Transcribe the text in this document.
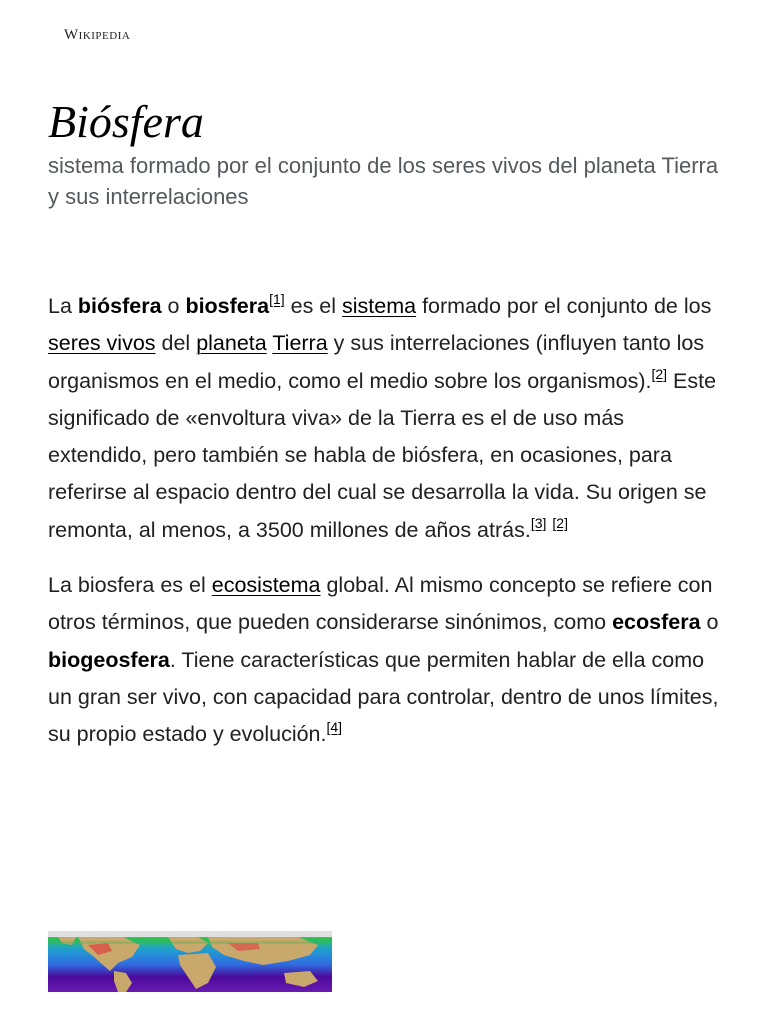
Wikipedia
Biósfera

sistema formado por el conjunto de los seres vivos del planeta Tierra y sus interrelaciones

La biósfera o biosfera[1] es el sistema formado por el conjunto de los seres vivos del planeta Tierra y sus interrelaciones (influyen tanto los organismos en el medio, como el medio sobre los organismos).[2] Este significado de «envoltura viva» de la Tierra es el de uso más extendido, pero también se habla de biósfera, en ocasiones, para referirse al espacio dentro del cual se desarrolla la vida. Su origen se remonta, al menos, a 3500 millones de años atrás.[3] [2]

La biosfera es el ecosistema global. Al mismo concepto se refiere con otros términos, que pueden considerarse sinónimos, como ecosfera o biogeosfera. Tiene características que permiten hablar de ella como un gran ser vivo, con capacidad para controlar, dentro de unos límites, su propio estado y evolución.[4]
